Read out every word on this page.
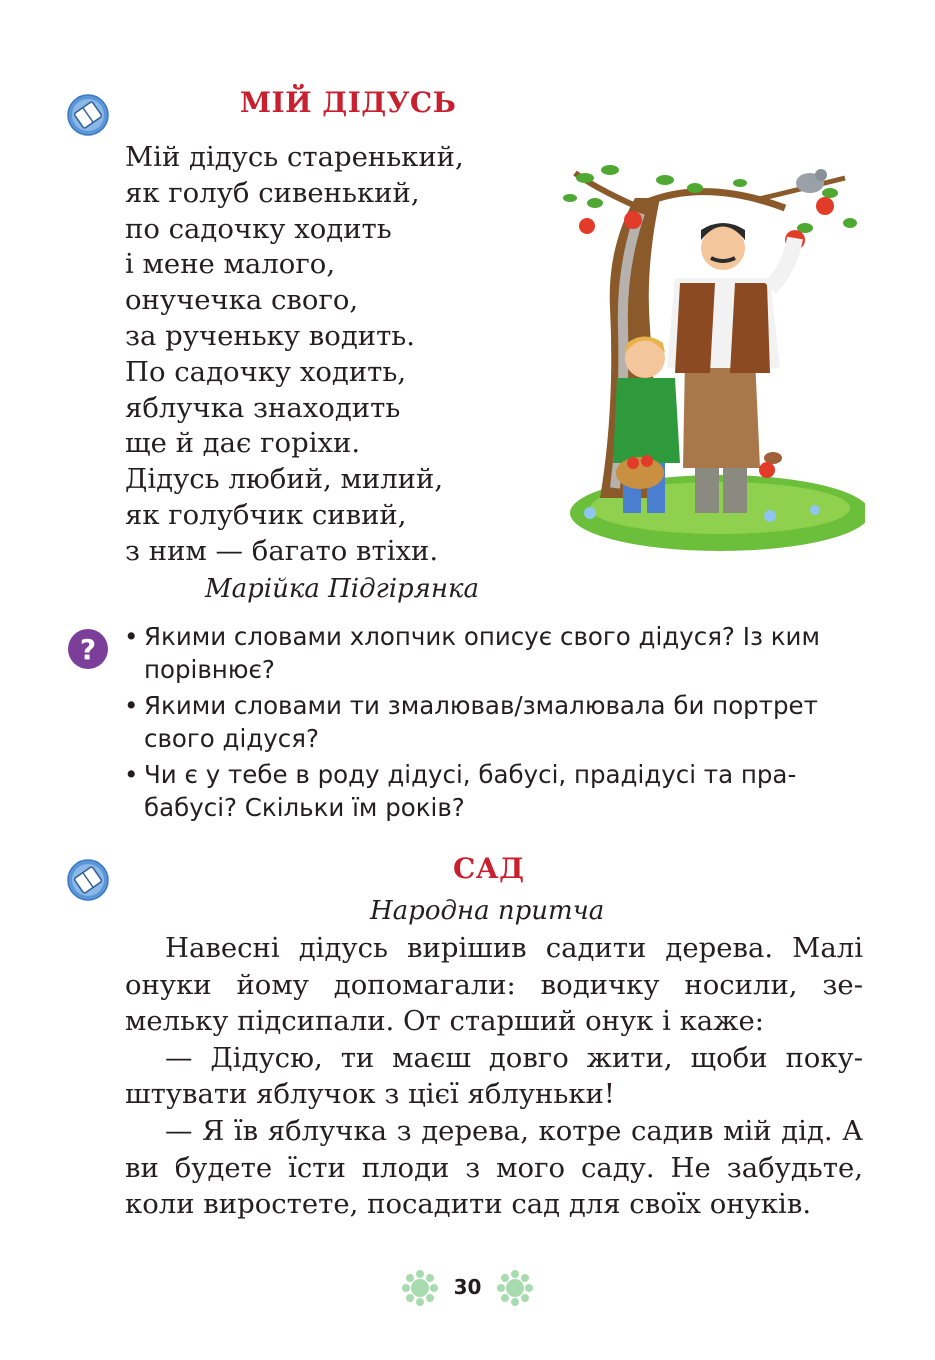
МІЙ ДІДУСЬ
Мій дідусь старенький,
як голуб сивенький,
по садочку ходить
і мене малого,
онучечка свого,
за рученьку водить.
По садочку ходить,
яблучка знаходить
ще й дає горіхи.
Дідусь любий, милий,
як голубчик сивий,
з ним — багато втіхи.
Марійка Підгірянка
? • Якими словами хлопчик описує свого дідуся? Із ким порівнює?
• Якими словами ти змалював/змалювала би портрет свого дідуся?
• Чи є у тебе в роду дідусі, бабусі, прадідусі та прабабусі? Скільки їм років?
САД
Народна притча

Навесні дідусь вирішив садити дерева. Малі онуки йому допомагали: водичку носили, земельку підсипали. От старший онук і каже:

— Дідусю, ти маєш довго жити, щоби покуштувати яблучок з цієї яблуньки!

— Я їв яблучка з дерева, котре садив мій дід. А ви будете їсти плоди з мого саду. Не забудьте, коли виростете, посадити сад для своїх онуків.

30
